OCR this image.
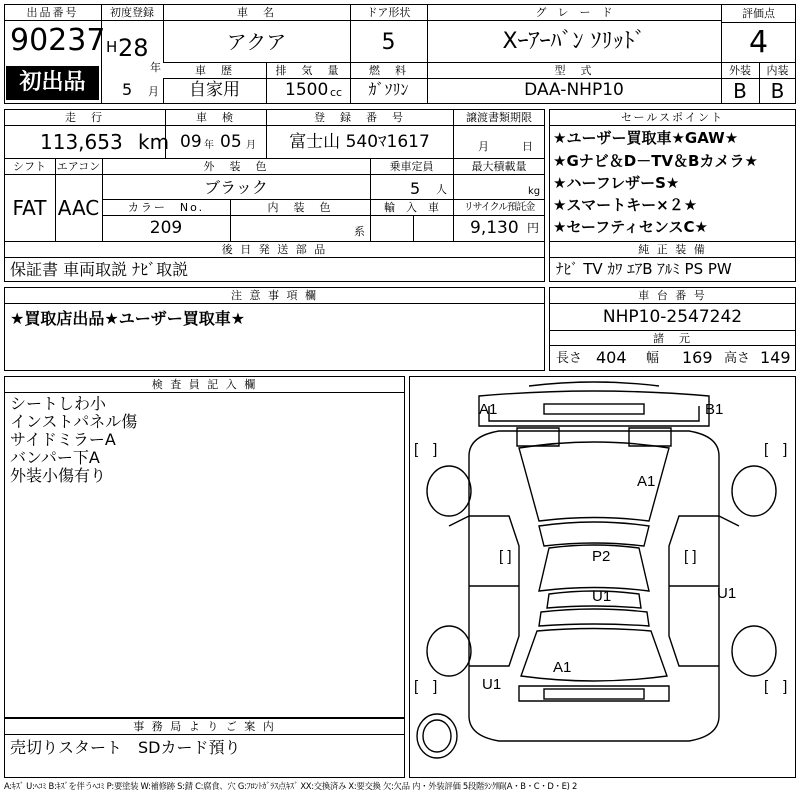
出品番号
90237
初出品
初度登録
H 28
年
5 月
車　名
アクア
ドア形状
5
グ　レ　ー　ド
Xｰｱｰﾊﾞﾝ ｿﾘｯﾄﾞ
評価点
4
外装	内装
B	B
車　歴
自家用
排　気　量
1500 cc
燃　料
ｶﾞｿﾘﾝ
型　式
DAA-NHP10
走　行
113,653 km
車　検
09 年 05 月
登　録　番　号
富士山 540ﾏ1617
譲渡書類期限
月	日
シフト
FAT
エアコン
AAC
外　装　色
ブラック
乗車定員
5 人
最大積載量
kg
カラー　No.
209
内　装　色
系
輸　入　車	リサイクル預託金
9,130 円
後 日 発 送 部 品
保証書 車両取説 ﾅﾋﾞ取説
セールスポイント
★ユーザー買取車★GAW★
★Gナビ＆D－TV＆Bカメラ★
★ハーフレザーS★
★スマートキー×２★
★セーフティセンスC★
純 正 装 備
ﾅﾋﾞ TV ｶﾜ ｴｱB ｱﾙﾐ PS PW
注 意 事 項 欄
★買取店出品★ユーザー買取車★
車 台 番 号
NHP10-2547242
諸　元
長さ 404 幅 169 高さ 149
検 査 員 記 入 欄
シートしわ小
インストパネル傷
サイドミラーA
バンパー下A
外装小傷有り
事 務 局 よ り ご 案 内
売切りスタート　SDカード預り
[　]	[　]
[　]	[　]
[ ]	[ ]
A1	B1
A1
P2
U1	U1
A1
U1
A:ｷｽﾞ U:ﾍｺﾐ B:ｷｽﾞを伴うﾍｺﾐ P:要塗装 W:補修跡 S:錆 C:腐食、穴 G:ﾌﾛﾝﾄｶﾞﾗｽ点ｷｽﾞ XX:交換済み X:要交換 欠:欠品 内・外装評価 5段階ﾗﾝｸ順(A・B・C・D・E) 2
